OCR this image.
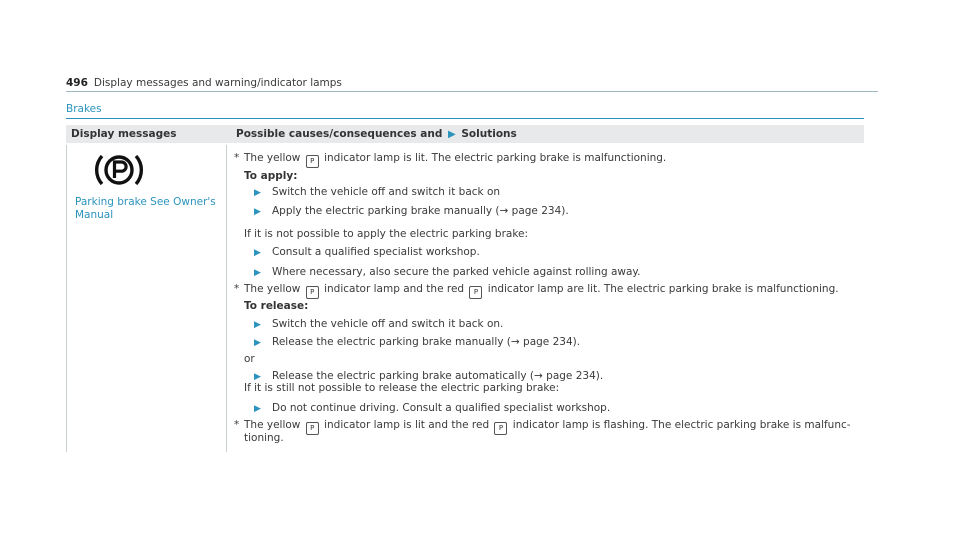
496 Display messages and warning/indicator lamps
Brakes
Display messages	Possible causes/consequences and ▶ Solutions
Parking brake See Owner's Manual
* The yellow P indicator lamp is lit. The electric parking brake is malfunctioning.
To apply:
▶ Switch the vehicle off and switch it back on
▶ Apply the electric parking brake manually (→ page 234).
If it is not possible to apply the electric parking brake:
▶ Consult a qualified specialist workshop.
▶ Where necessary, also secure the parked vehicle against rolling away.
* The yellow P indicator lamp and the red P indicator lamp are lit. The electric parking brake is malfunctioning.
To release:
▶ Switch the vehicle off and switch it back on.
▶ Release the electric parking brake manually (→ page 234).
or
▶ Release the electric parking brake automatically (→ page 234).
If it is still not possible to release the electric parking brake:
▶ Do not continue driving. Consult a qualified specialist workshop.
* The yellow P indicator lamp is lit and the red P indicator lamp is flashing. The electric parking brake is malfunc-
tioning.
